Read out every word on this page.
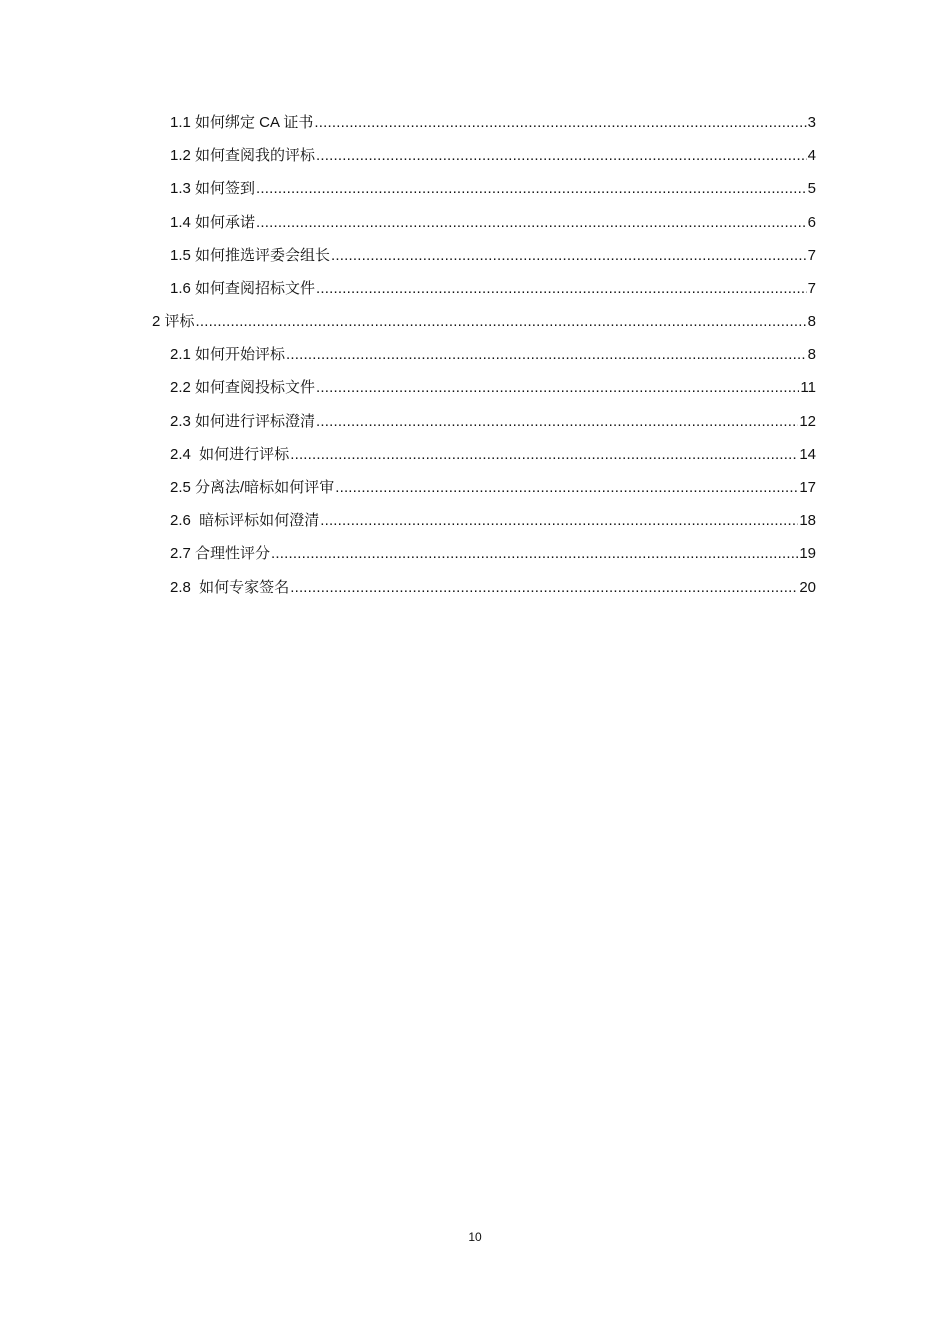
1.1 如何绑定 CA 证书 .....	3
1.2 如何查阅我的评标 .....	4
1.3 如何签到 .....	5
1.4 如何承诺 .....	6
1.5 如何推选评委会组长 .....	7
1.6 如何查阅招标文件 .....	7
2 评标 .....	8
2.1 如何开始评标 .....	8
2.2 如何查阅投标文件 .....	11
2.3 如何进行评标澄清 .....	12
2.4  如何进行评标 .....	14
2.5 分离法/暗标如何评审 .....	17
2.6  暗标评标如何澄清 .....	18
2.7 合理性评分 .....	19
2.8  如何专家签名 .....	20
10
